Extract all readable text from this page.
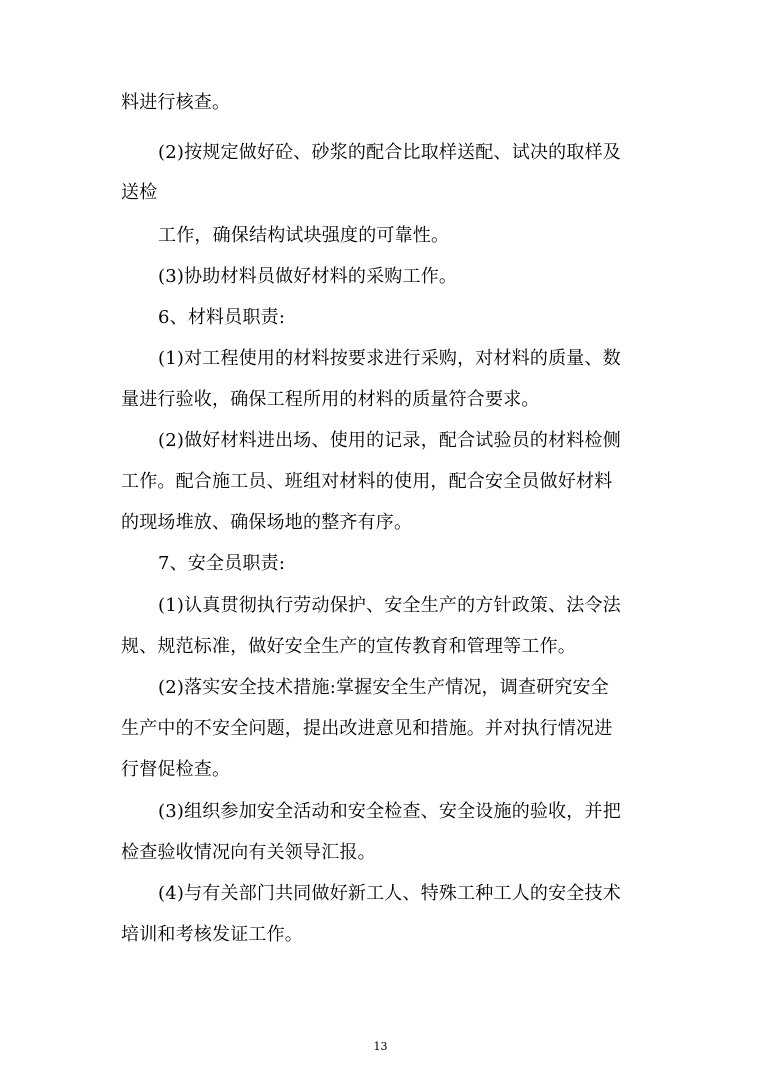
料进行核查。
(2)按规定做好砼、砂浆的配合比取样送配、试决的取样及
送检
工作，确保结构试块强度的可靠性。
(3)协助材料员做好材料的采购工作。
6、材料员职责:
(1)对工程使用的材料按要求进行采购，对材料的质量、数
量进行验收，确保工程所用的材料的质量符合要求。
(2)做好材料进出场、使用的记录，配合试验员的材料检侧
工作。配合施工员、班组对材料的使用，配合安全员做好材料
的现场堆放、确保场地的整齐有序。
7、安全员职责:
(1)认真贯彻执行劳动保护、安全生产的方针政策、法令法
规、规范标准，做好安全生产的宣传教育和管理等工作。
(2)落实安全技术措施:掌握安全生产情况，调查研究安全
生产中的不安全问题，提出改进意见和措施。并对执行情况进
行督促检查。
(3)组织参加安全活动和安全检查、安全设施的验收，并把
检查验收情况向有关领导汇报。
(4)与有关部门共同做好新工人、特殊工种工人的安全技术
培训和考核发证工作。
13
